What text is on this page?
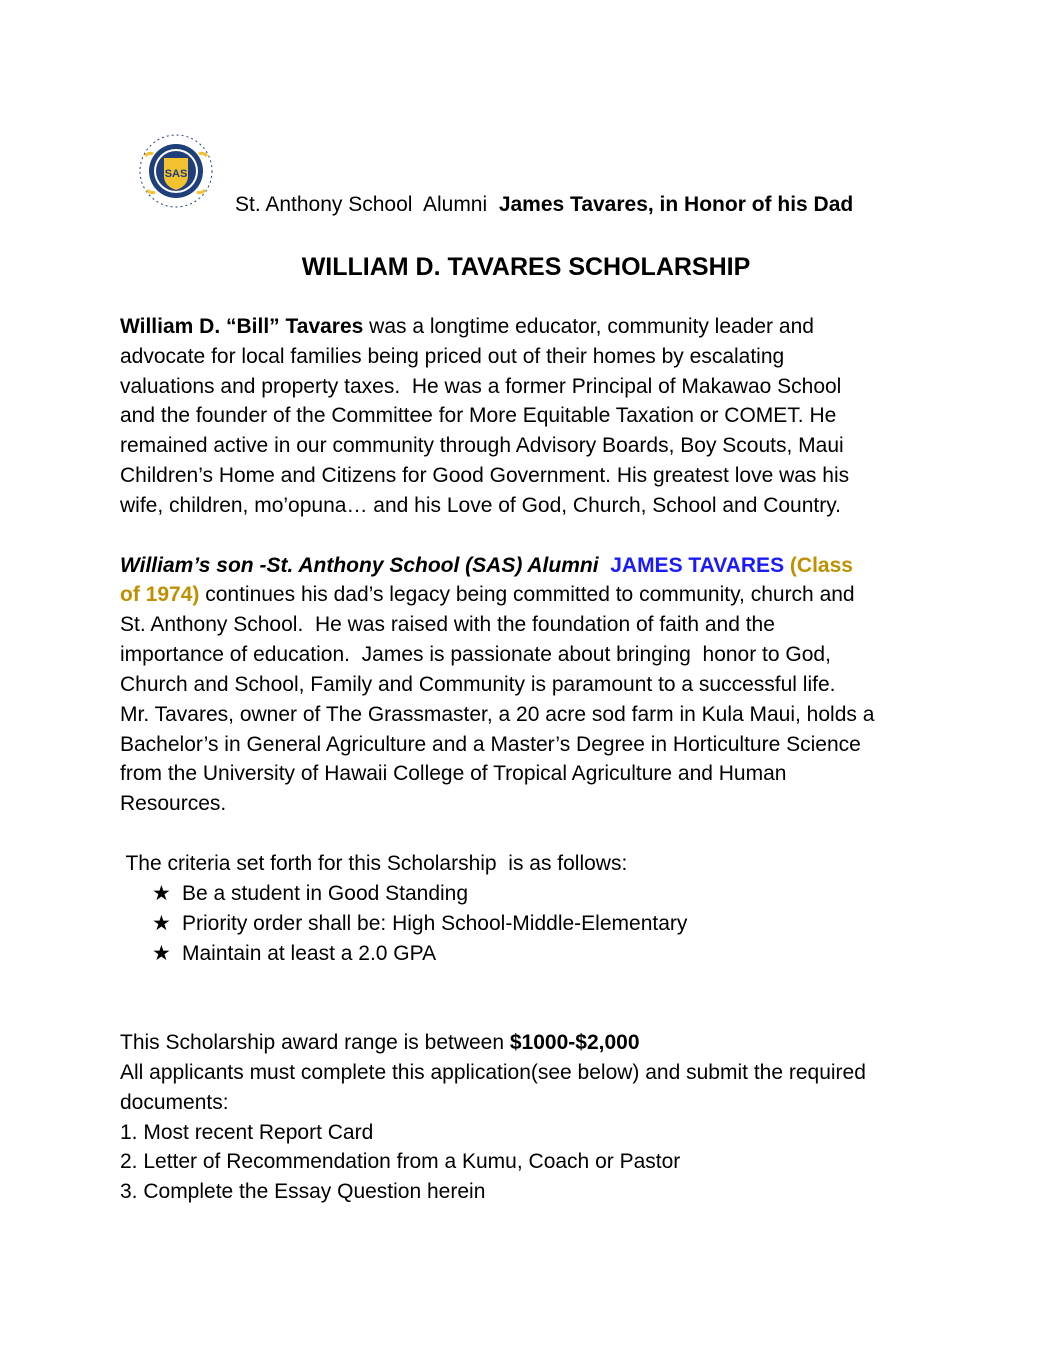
SAS
St. Anthony School  Alumni  James Tavares, in Honor of his Dad
WILLIAM D. TAVARES SCHOLARSHIP
William D. “Bill” Tavares was a longtime educator, community leader and
advocate for local families being priced out of their homes by escalating
valuations and property taxes.  He was a former Principal of Makawao School
and the founder of the Committee for More Equitable Taxation or COMET. He
remained active in our community through Advisory Boards, Boy Scouts, Maui
Children’s Home and Citizens for Good Government. His greatest love was his
wife, children, mo’opuna… and his Love of God, Church, School and Country.
William’s son -St. Anthony School (SAS) Alumni  JAMES TAVARES (Class
of 1974) continues his dad’s legacy being committed to community, church and
St. Anthony School.  He was raised with the foundation of faith and the
importance of education.  James is passionate about bringing  honor to God,
Church and School, Family and Community is paramount to a successful life.
Mr. Tavares, owner of The Grassmaster, a 20 acre sod farm in Kula Maui, holds a
Bachelor’s in General Agriculture and a Master’s Degree in Horticulture Science
from the University of Hawaii College of Tropical Agriculture and Human
Resources.
The criteria set forth for this Scholarship  is as follows:
★ Be a student in Good Standing
★ Priority order shall be: High School-Middle-Elementary
★ Maintain at least a 2.0 GPA
This Scholarship award range is between $1000-$2,000
All applicants must complete this application(see below) and submit the required
documents:
1. Most recent Report Card
2. Letter of Recommendation from a Kumu, Coach or Pastor
3. Complete the Essay Question herein
